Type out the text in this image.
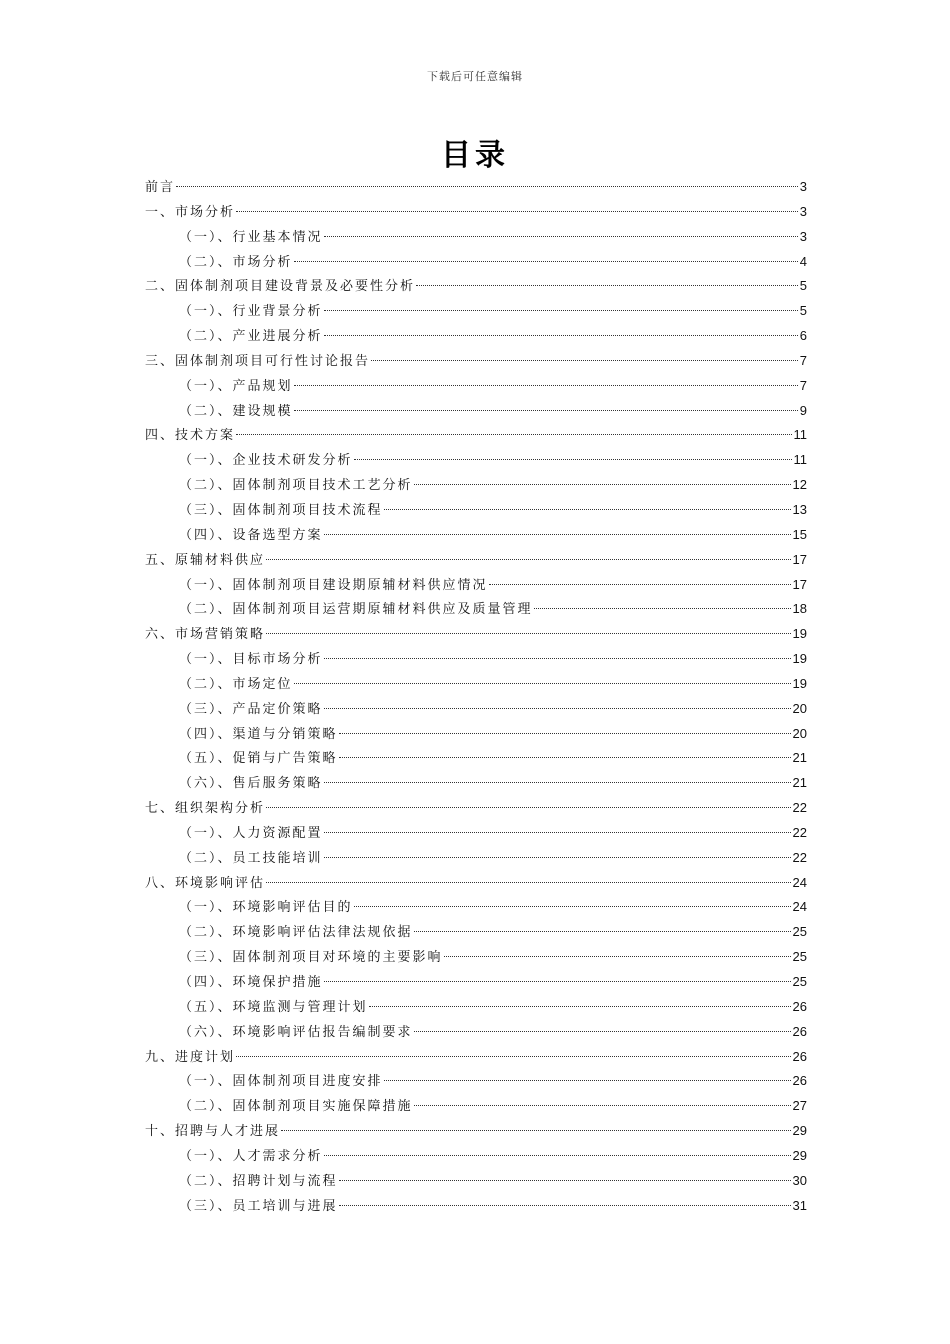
下载后可任意编辑
目录
前言	3
一、市场分析	3
（一）、行业基本情况	3
（二）、市场分析	4
二、固体制剂项目建设背景及必要性分析	5
（一）、行业背景分析	5
（二）、产业进展分析	6
三、固体制剂项目可行性讨论报告	7
（一）、产品规划	7
（二）、建设规模	9
四、技术方案	11
（一）、企业技术研发分析	11
（二）、固体制剂项目技术工艺分析	12
（三）、固体制剂项目技术流程	13
（四）、设备选型方案	15
五、原辅材料供应	17
（一）、固体制剂项目建设期原辅材料供应情况	17
（二）、固体制剂项目运营期原辅材料供应及质量管理	18
六、市场营销策略	19
（一）、目标市场分析	19
（二）、市场定位	19
（三）、产品定价策略	20
（四）、渠道与分销策略	20
（五）、促销与广告策略	21
（六）、售后服务策略	21
七、组织架构分析	22
（一）、人力资源配置	22
（二）、员工技能培训	22
八、环境影响评估	24
（一）、环境影响评估目的	24
（二）、环境影响评估法律法规依据	25
（三）、固体制剂项目对环境的主要影响	25
（四）、环境保护措施	25
（五）、环境监测与管理计划	26
（六）、环境影响评估报告编制要求	26
九、进度计划	26
（一）、固体制剂项目进度安排	26
（二）、固体制剂项目实施保障措施	27
十、招聘与人才进展	29
（一）、人才需求分析	29
（二）、招聘计划与流程	30
（三）、员工培训与进展	31
